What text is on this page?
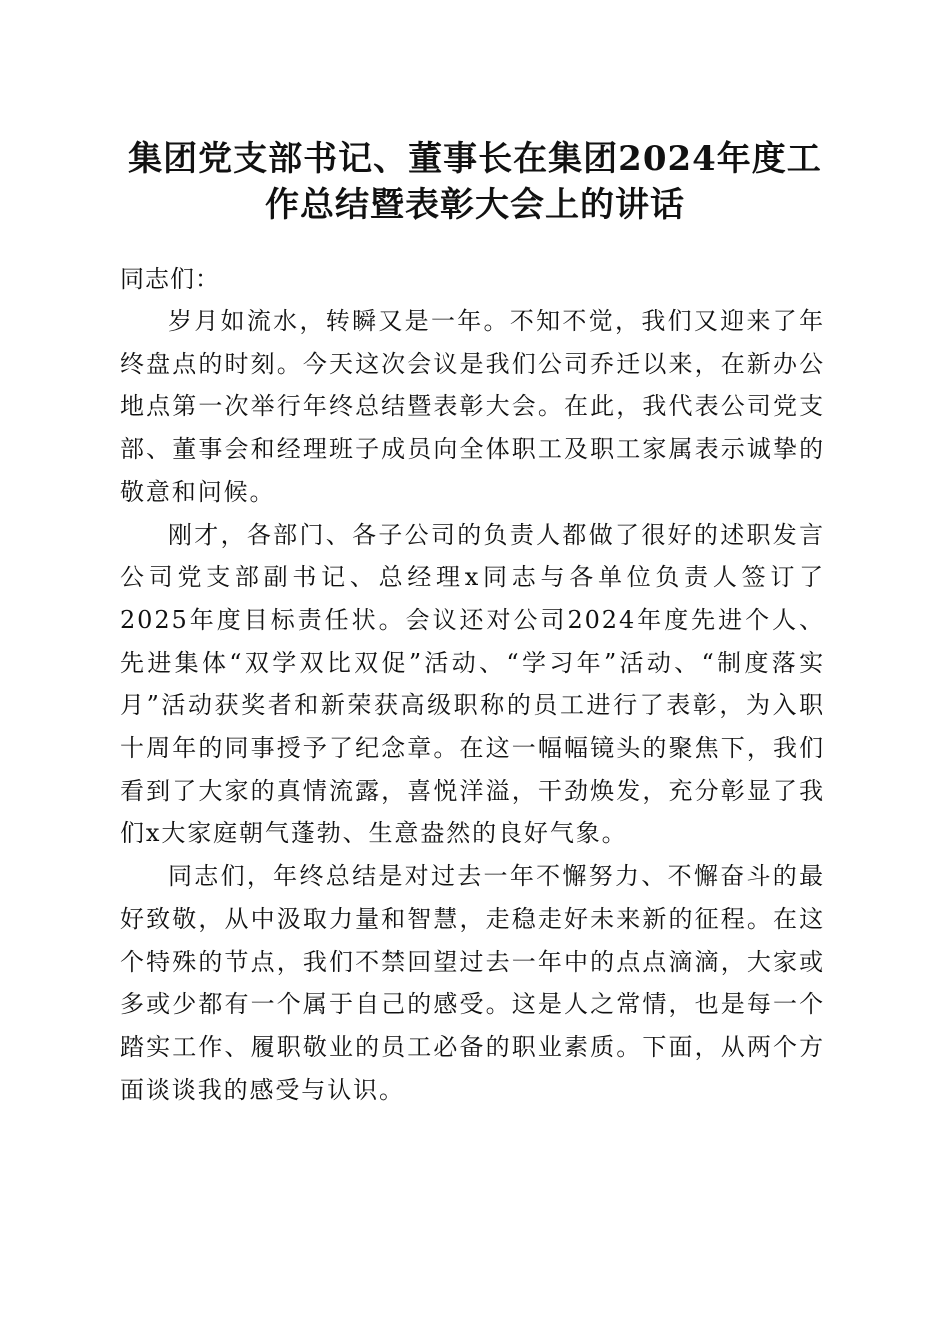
集团党支部书记、董事长在集团2024年度工
作总结暨表彰大会上的讲话

同志们：

岁月如流水，转瞬又是一年。不知不觉，我们又迎来了年终盘点的时刻。今天这次会议是我们公司乔迁以来，在新办公地点第一次举行年终总结暨表彰大会。在此，我代表公司党支部、董事会和经理班子成员向全体职工及职工家属表示诚挚的敬意和问候。

刚才，各部门、各子公司的负责人都做了很好的述职发言公司党支部副书记、总经理x同志与各单位负责人签订了2025年度目标责任状。会议还对公司2024年度先进个人、先进集体“双学双比双促”活动、“学习年”活动、“制度落实月”活动获奖者和新荣获高级职称的员工进行了表彰，为入职十周年的同事授予了纪念章。在这一幅幅镜头的聚焦下，我们看到了大家的真情流露，喜悦洋溢，干劲焕发，充分彰显了我们x大家庭朝气蓬勃、生意盎然的良好气象。

同志们，年终总结是对过去一年不懈努力、不懈奋斗的最好致敬，从中汲取力量和智慧，走稳走好未来新的征程。在这个特殊的节点，我们不禁回望过去一年中的点点滴滴，大家或多或少都有一个属于自己的感受。这是人之常情，也是每一个踏实工作、履职敬业的员工必备的职业素质。下面，从两个方面谈谈我的感受与认识。
